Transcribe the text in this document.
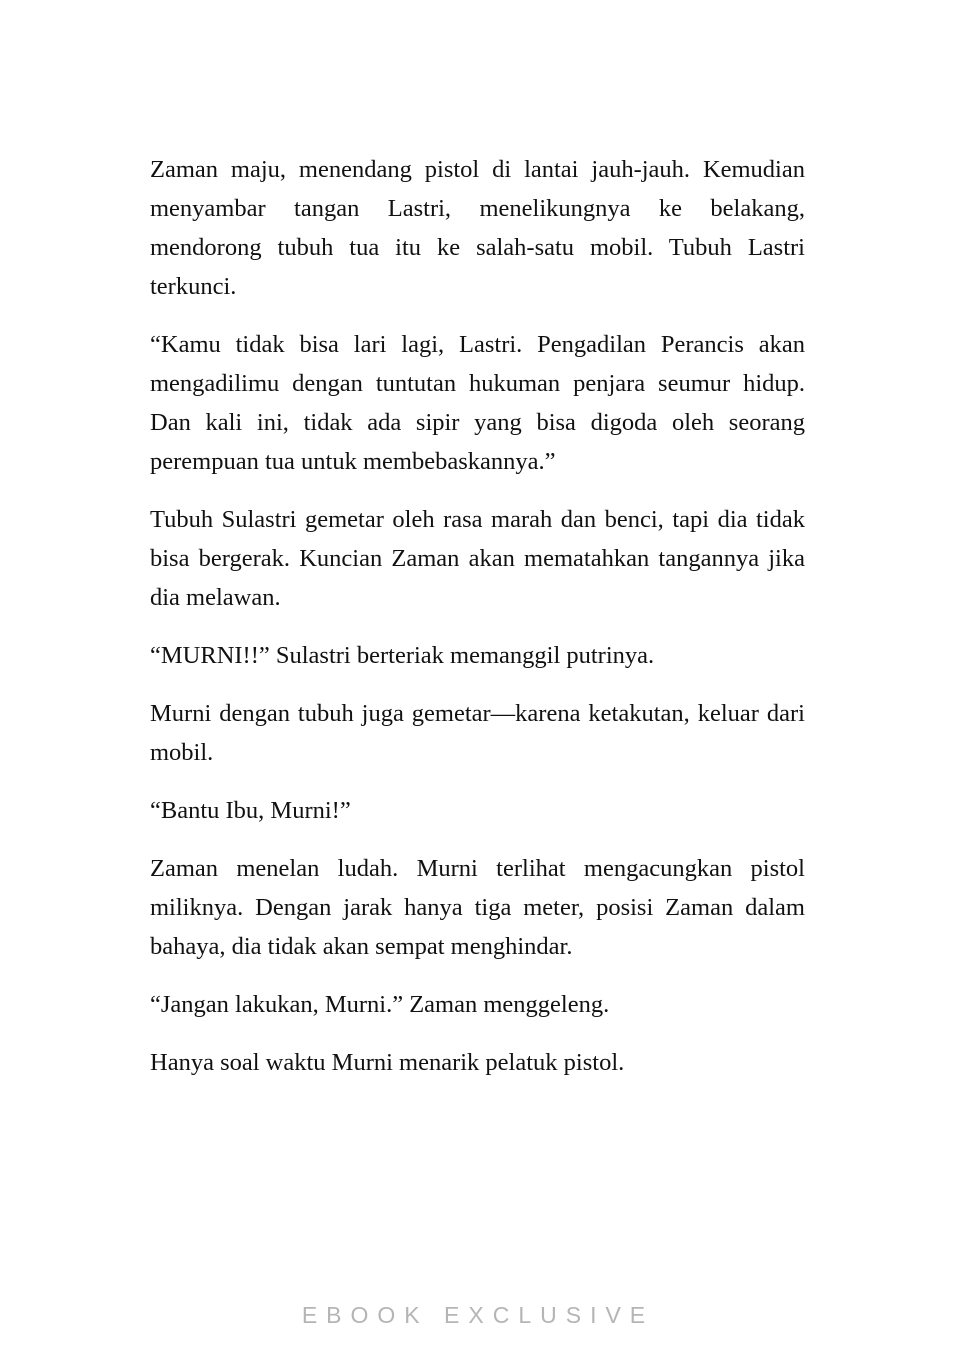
Zaman maju, menendang pistol di lantai jauh-jauh. Kemudian menyambar tangan Lastri, menelikungnya ke belakang, mendorong tubuh tua itu ke salah-satu mobil. Tubuh Lastri terkunci.

“Kamu tidak bisa lari lagi, Lastri. Pengadilan Perancis akan mengadilimu dengan tuntutan hukuman penjara seumur hidup. Dan kali ini, tidak ada sipir yang bisa digoda oleh seorang perempuan tua untuk membebaskannya.”

Tubuh Sulastri gemetar oleh rasa marah dan benci, tapi dia tidak bisa bergerak. Kuncian Zaman akan mematahkan tangannya jika dia melawan.

“MURNI!!” Sulastri berteriak memanggil putrinya.

Murni dengan tubuh juga gemetar—karena ketakutan, keluar dari mobil.

“Bantu Ibu, Murni!”

Zaman menelan ludah. Murni terlihat mengacungkan pistol miliknya. Dengan jarak hanya tiga meter, posisi Zaman dalam bahaya, dia tidak akan sempat menghindar.

“Jangan lakukan, Murni.” Zaman menggeleng.

Hanya soal waktu Murni menarik pelatuk pistol.

EBOOK EXCLUSIVE
